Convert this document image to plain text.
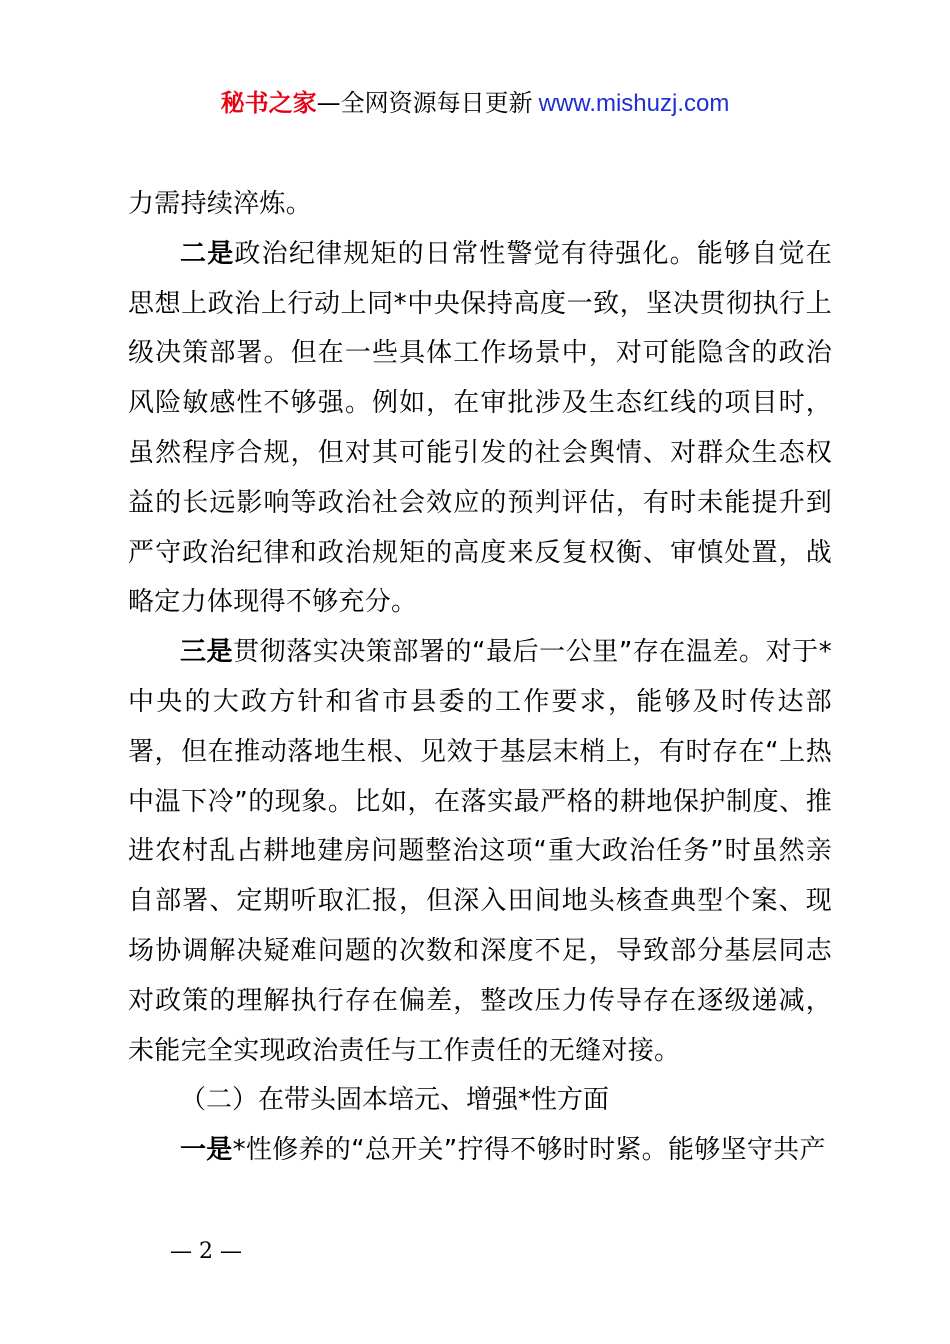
秘书之家—全网资源每日更新 www.mishuzj.com

力需持续淬炼。

二是政治纪律规矩的日常性警觉有待强化。能够自觉在思想上政治上行动上同*中央保持高度一致，坚决贯彻执行上级决策部署。但在一些具体工作场景中，对可能隐含的政治风险敏感性不够强。例如，在审批涉及生态红线的项目时，虽然程序合规，但对其可能引发的社会舆情、对群众生态权益的长远影响等政治社会效应的预判评估，有时未能提升到严守政治纪律和政治规矩的高度来反复权衡、审慎处置，战略定力体现得不够充分。

三是贯彻落实决策部署的“最后一公里”存在温差。对于*中央的大政方针和省市县委的工作要求，能够及时传达部署，但在推动落地生根、见效于基层末梢上，有时存在“上热中温下冷”的现象。比如，在落实最严格的耕地保护制度、推进农村乱占耕地建房问题整治这项“重大政治任务”时虽然亲自部署、定期听取汇报，但深入田间地头核查典型个案、现场协调解决疑难问题的次数和深度不足，导致部分基层同志对政策的理解执行存在偏差，整改压力传导存在逐级递减，未能完全实现政治责任与工作责任的无缝对接。

（二）在带头固本培元、增强*性方面

一是*性修养的“总开关”拧得不够时时紧。能够坚守共产

— 2 —
